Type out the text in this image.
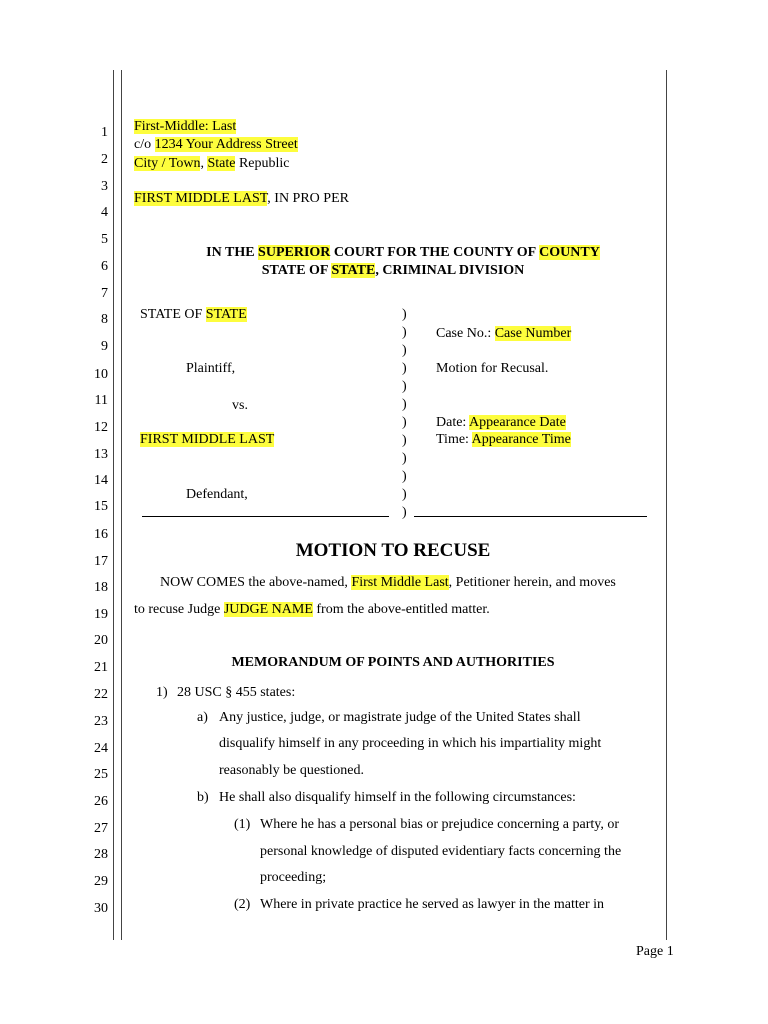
1
2
3
4
5
6
7
8
9
10
11
12
13
14
15
16
17
18
19
20
21
22
23
24
25
26
27
28
29
30
First-Middle: Last
c/o 1234 Your Address Street
City / Town, State Republic
FIRST MIDDLE LAST, IN PRO PER
IN THE SUPERIOR COURT FOR THE COUNTY OF COUNTY
STATE OF STATE, CRIMINAL DIVISION
STATE OF STATE
Plaintiff,
vs.
FIRST MIDDLE LAST
Defendant,
)
)
)
)
)
)
)
)
)
)
)
)
Case No.: Case Number
Motion for Recusal.
Date: Appearance Date
Time: Appearance Time
MOTION TO RECUSE
NOW COMES the above-named, First Middle Last, Petitioner herein, and moves
to recuse Judge JUDGE NAME from the above-entitled matter.
MEMORANDUM OF POINTS AND AUTHORITIES
1) 28 USC § 455 states:
a) Any justice, judge, or magistrate judge of the United States shall
disqualify himself in any proceeding in which his impartiality might
reasonably be questioned.
b) He shall also disqualify himself in the following circumstances:
(1) Where he has a personal bias or prejudice concerning a party, or
personal knowledge of disputed evidentiary facts concerning the
proceeding;
(2) Where in private practice he served as lawyer in the matter in
Page 1
